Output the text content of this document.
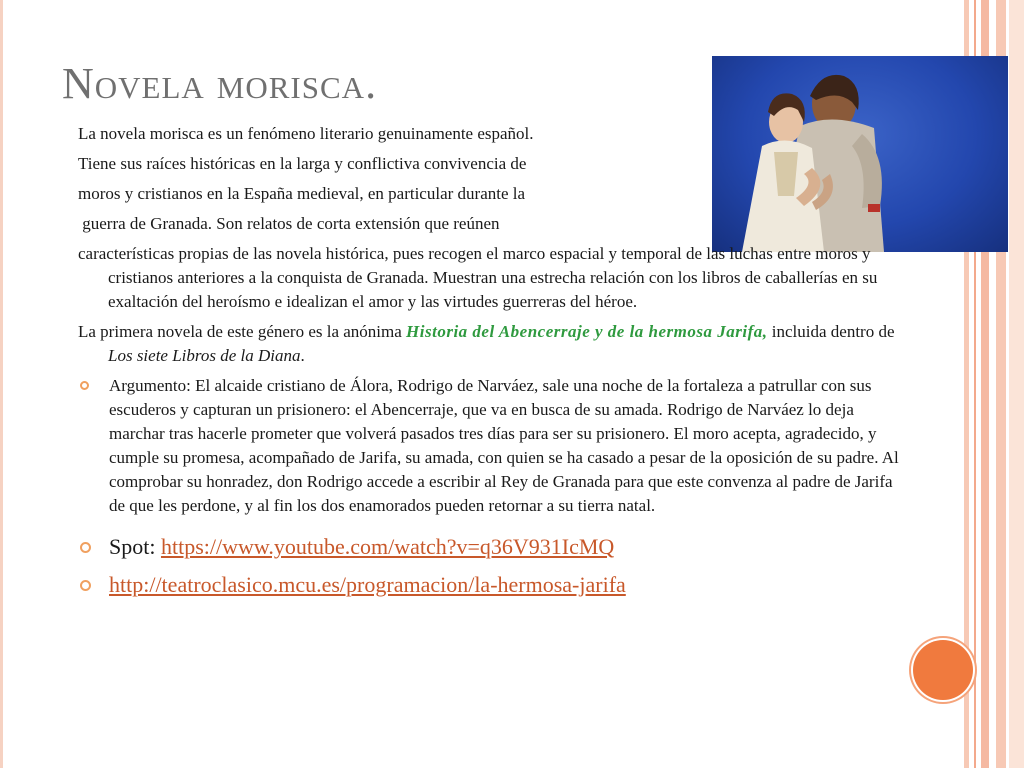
Novela morisca.

La novela morisca es un fenómeno literario genuinamente español.

Tiene sus raíces históricas en la larga y conflictiva convivencia de

moros y cristianos en la España medieval, en particular durante la

guerra de Granada. Son relatos de corta extensión que reúnen

características propias de las novela histórica, pues recogen el marco espacial y temporal de las luchas entre moros y cristianos anteriores a la conquista de Granada. Muestran una estrecha relación con los libros de caballerías en su exaltación del heroísmo e idealizan el amor y las virtudes guerreras del héroe.

La primera novela de este género es la anónima Historia del Abencerraje y de la hermosa Jarifa, incluida dentro de Los siete Libros de la Diana.

Argumento: El alcaide cristiano de Álora, Rodrigo de Narváez, sale una noche de la fortaleza a patrullar con sus escuderos y capturan un prisionero: el Abencerraje, que va en busca de su amada. Rodrigo de Narváez lo deja marchar tras hacerle prometer que volverá pasados tres días para ser su prisionero. El moro acepta, agradecido, y cumple su promesa, acompañado de Jarifa, su amada, con quien se ha casado a pesar de la oposición de su padre. Al comprobar su honradez, don Rodrigo accede a escribir al Rey de Granada para que este convenza al padre de Jarifa de que les perdone, y al fin los dos enamorados pueden retornar a su tierra natal.
Spot: https://www.youtube.com/watch?v=q36V931IcMQ
http://teatroclasico.mcu.es/programacion/la-hermosa-jarifa
